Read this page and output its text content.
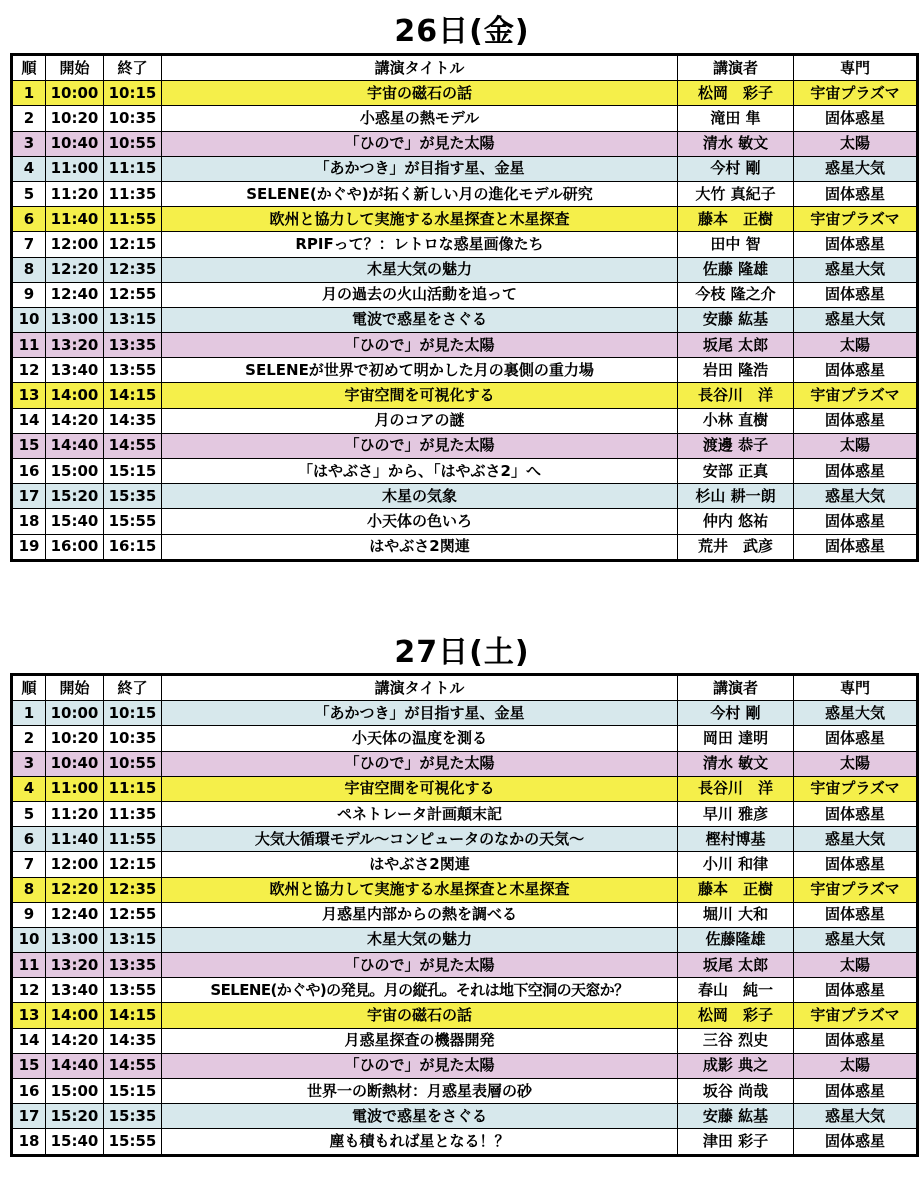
26日(金)
順	開始	終了	講演タイトル	講演者	専門
1	10:00	10:15	宇宙の磁石の話	松岡　彩子	宇宙プラズマ
2	10:20	10:35	小惑星の熱モデル	滝田 隼	固体惑星
3	10:40	10:55	「ひので」が見た太陽	清水 敏文	太陽
4	11:00	11:15	「あかつき」が目指す星、金星	今村 剛	惑星大気
5	11:20	11:35	SELENE(かぐや)が拓く新しい月の進化モデル研究	大竹 真紀子	固体惑星
6	11:40	11:55	欧州と協力して実施する水星探査と木星探査	藤本　正樹	宇宙プラズマ
7	12:00	12:15	RPIFって？：レトロな惑星画像たち	田中 智	固体惑星
8	12:20	12:35	木星大気の魅力	佐藤 隆雄	惑星大気
9	12:40	12:55	月の過去の火山活動を追って	今枝 隆之介	固体惑星
10	13:00	13:15	電波で惑星をさぐる	安藤 紘基	惑星大気
11	13:20	13:35	「ひので」が見た太陽	坂尾 太郎	太陽
12	13:40	13:55	SELENEが世界で初めて明かした月の裏側の重力場	岩田 隆浩	固体惑星
13	14:00	14:15	宇宙空間を可視化する	長谷川　洋	宇宙プラズマ
14	14:20	14:35	月のコアの謎	小林 直樹	固体惑星
15	14:40	14:55	「ひので」が見た太陽	渡邊 恭子	太陽
16	15:00	15:15	「はやぶさ」から、「はやぶさ2」へ	安部 正真	固体惑星
17	15:20	15:35	木星の気象	杉山 耕一朗	惑星大気
18	15:40	15:55	小天体の色いろ	仲内 悠祐	固体惑星
19	16:00	16:15	はやぶさ2関連	荒井　武彦	固体惑星
27日(土)
順	開始	終了	講演タイトル	講演者	専門
1	10:00	10:15	「あかつき」が目指す星、金星	今村 剛	惑星大気
2	10:20	10:35	小天体の温度を測る	岡田 達明	固体惑星
3	10:40	10:55	「ひので」が見た太陽	清水 敏文	太陽
4	11:00	11:15	宇宙空間を可視化する	長谷川　洋	宇宙プラズマ
5	11:20	11:35	ペネトレータ計画顛末記	早川 雅彦	固体惑星
6	11:40	11:55	大気大循環モデル～コンピュータのなかの天気～	樫村博基	惑星大気
7	12:00	12:15	はやぶさ2関連	小川 和律	固体惑星
8	12:20	12:35	欧州と協力して実施する水星探査と木星探査	藤本　正樹	宇宙プラズマ
9	12:40	12:55	月惑星内部からの熱を調べる	堀川 大和	固体惑星
10	13:00	13:15	木星大気の魅力	佐藤隆雄	惑星大気
11	13:20	13:35	「ひので」が見た太陽	坂尾 太郎	太陽
12	13:40	13:55	SELENE(かぐや)の発見。月の縦孔。それは地下空洞の天窓か？	春山　純一	固体惑星
13	14:00	14:15	宇宙の磁石の話	松岡　彩子	宇宙プラズマ
14	14:20	14:35	月惑星探査の機器開発	三谷 烈史	固体惑星
15	14:40	14:55	「ひので」が見た太陽	成影 典之	太陽
16	15:00	15:15	世界一の断熱材：月惑星表層の砂	坂谷 尚哉	固体惑星
17	15:20	15:35	電波で惑星をさぐる	安藤 紘基	惑星大気
18	15:40	15:55	塵も積もれば星となる！？	津田 彩子	固体惑星
